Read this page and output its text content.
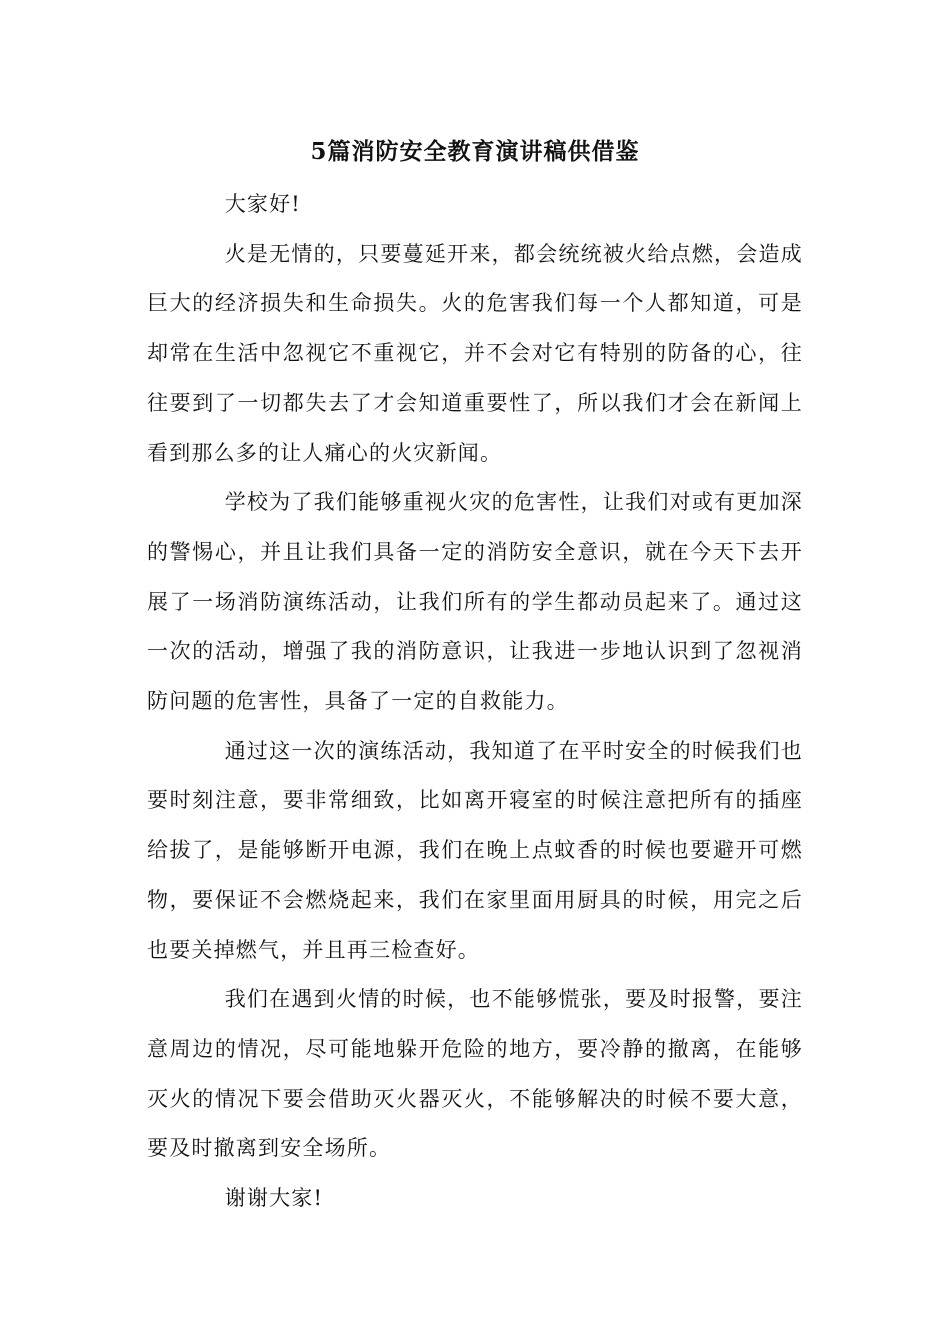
5篇消防安全教育演讲稿供借鉴

大家好!

火是无情的，只要蔓延开来，都会统统被火给点燃，会造成巨大的经济损失和生命损失。火的危害我们每一个人都知道，可是却常在生活中忽视它不重视它，并不会对它有特别的防备的心，往往要到了一切都失去了才会知道重要性了，所以我们才会在新闻上看到那么多的让人痛心的火灾新闻。

学校为了我们能够重视火灾的危害性，让我们对或有更加深的警惕心，并且让我们具备一定的消防安全意识，就在今天下去开展了一场消防演练活动，让我们所有的学生都动员起来了。通过这一次的活动，增强了我的消防意识，让我进一步地认识到了忽视消防问题的危害性，具备了一定的自救能力。

通过这一次的演练活动，我知道了在平时安全的时候我们也要时刻注意，要非常细致，比如离开寝室的时候注意把所有的插座给拔了，是能够断开电源，我们在晚上点蚊香的时候也要避开可燃物，要保证不会燃烧起来，我们在家里面用厨具的时候，用完之后也要关掉燃气，并且再三检查好。

我们在遇到火情的时候，也不能够慌张，要及时报警，要注意周边的情况，尽可能地躲开危险的地方，要冷静的撤离，在能够灭火的情况下要会借助灭火器灭火，不能够解决的时候不要大意，要及时撤离到安全场所。

谢谢大家!
